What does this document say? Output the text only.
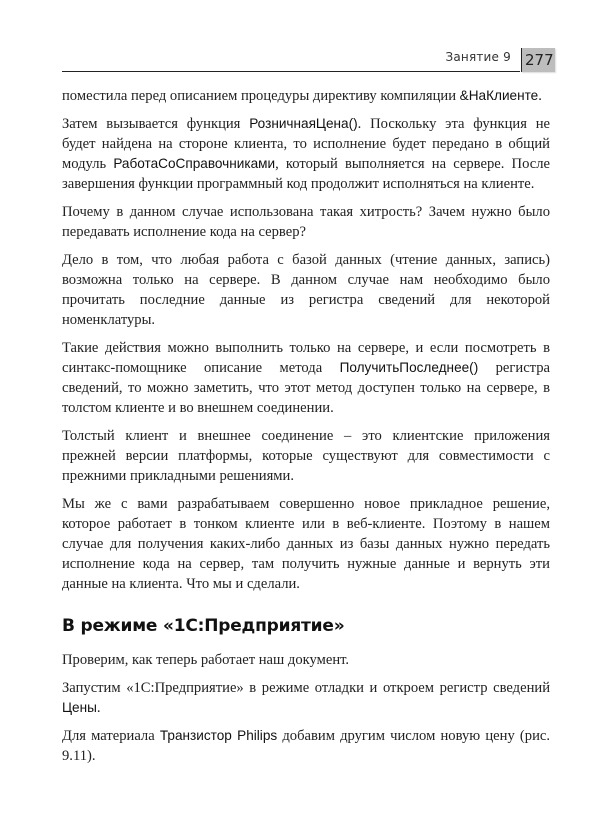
Занятие 9 277

поместила перед описанием процедуры директиву компиляции &НаКлиенте.

Затем вызывается функция РозничнаяЦена(). Поскольку эта функция не будет найдена на стороне клиента, то исполнение будет передано в общий модуль РаботаСоСправочниками, который выполняется на сервере. После завершения функции программный код продолжит исполняться на клиенте.

Почему в данном случае использована такая хитрость? Зачем нужно было передавать исполнение кода на сервер?

Дело в том, что любая работа с базой данных (чтение данных, запись) возможна только на сервере. В данном случае нам необходимо было прочитать последние данные из регистра сведений для некоторой номенклатуры.

Такие действия можно выполнить только на сервере, и если посмотреть в синтакс-помощнике описание метода ПолучитьПоследнее() регистра сведений, то можно заметить, что этот метод доступен только на сервере, в толстом клиенте и во внешнем соединении.

Толстый клиент и внешнее соединение – это клиентские приложения прежней версии платформы, которые существуют для совместимости с прежними прикладными решениями.

Мы же с вами разрабатываем совершенно новое прикладное решение, которое работает в тонком клиенте или в веб-клиенте. Поэтому в нашем случае для получения каких-либо данных из базы данных нужно передать исполнение кода на сервер, там получить нужные данные и вернуть эти данные на клиента. Что мы и сделали.

В режиме «1С:Предприятие»

Проверим, как теперь работает наш документ.

Запустим «1С:Предприятие» в режиме отладки и откроем регистр сведений Цены.

Для материала Транзистор Philips добавим другим числом новую цену (рис. 9.11).
